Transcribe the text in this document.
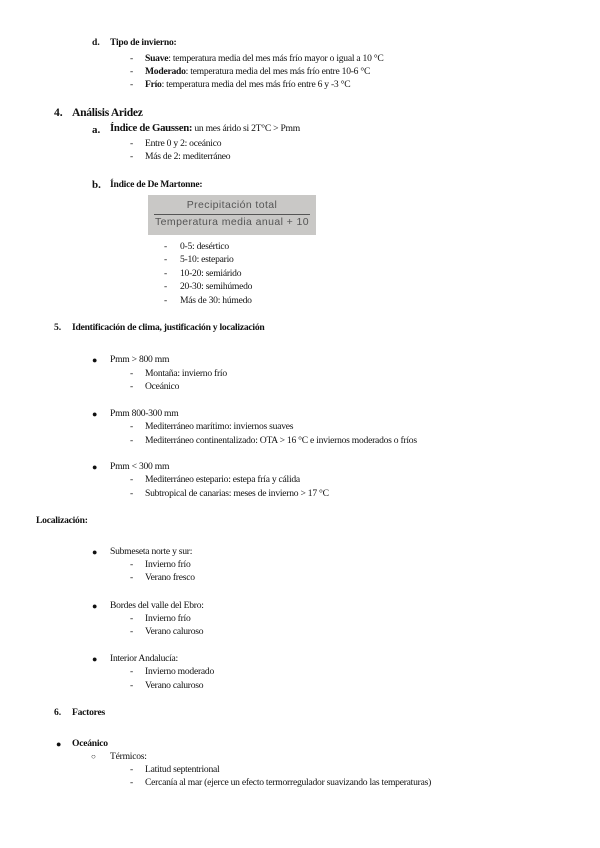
d. Tipo de invierno:
- Suave: temperatura media del mes más frío mayor o igual a 10 °C
- Moderado: temperatura media del mes más frío entre 10-6 °C
- Frío: temperatura media del mes más frío entre 6 y -3 °C
4. Análisis Aridez
a. Índice de Gaussen: un mes árido si 2T°C > Pmm
- Entre 0 y 2: oceánico
- Más de 2: mediterráneo
b. Índice de De Martonne:
Precipitación total
Temperatura media anual + 10
- 0-5: desértico
- 5-10: estepario
- 10-20: semiárido
- 20-30: semihúmedo
- Más de 30: húmedo
5. Identificación de clima, justificación y localización
● Pmm > 800 mm
- Montaña: invierno frío
- Oceánico
● Pmm 800-300 mm
- Mediterráneo marítimo: inviernos suaves
- Mediterráneo continentalizado: OTA > 16 °C e inviernos moderados o fríos
● Pmm < 300 mm
- Mediterráneo estepario: estepa fría y cálida
- Subtropical de canarias: meses de invierno > 17 °C
Localización:
● Submeseta norte y sur:
- Invierno frío
- Verano fresco
● Bordes del valle del Ebro:
- Invierno frío
- Verano caluroso
● Interior Andalucía:
- Invierno moderado
- Verano caluroso
6. Factores
● Oceánico
○ Térmicos:
- Latitud septentrional
- Cercanía al mar (ejerce un efecto termorregulador suavizando las temperaturas)
